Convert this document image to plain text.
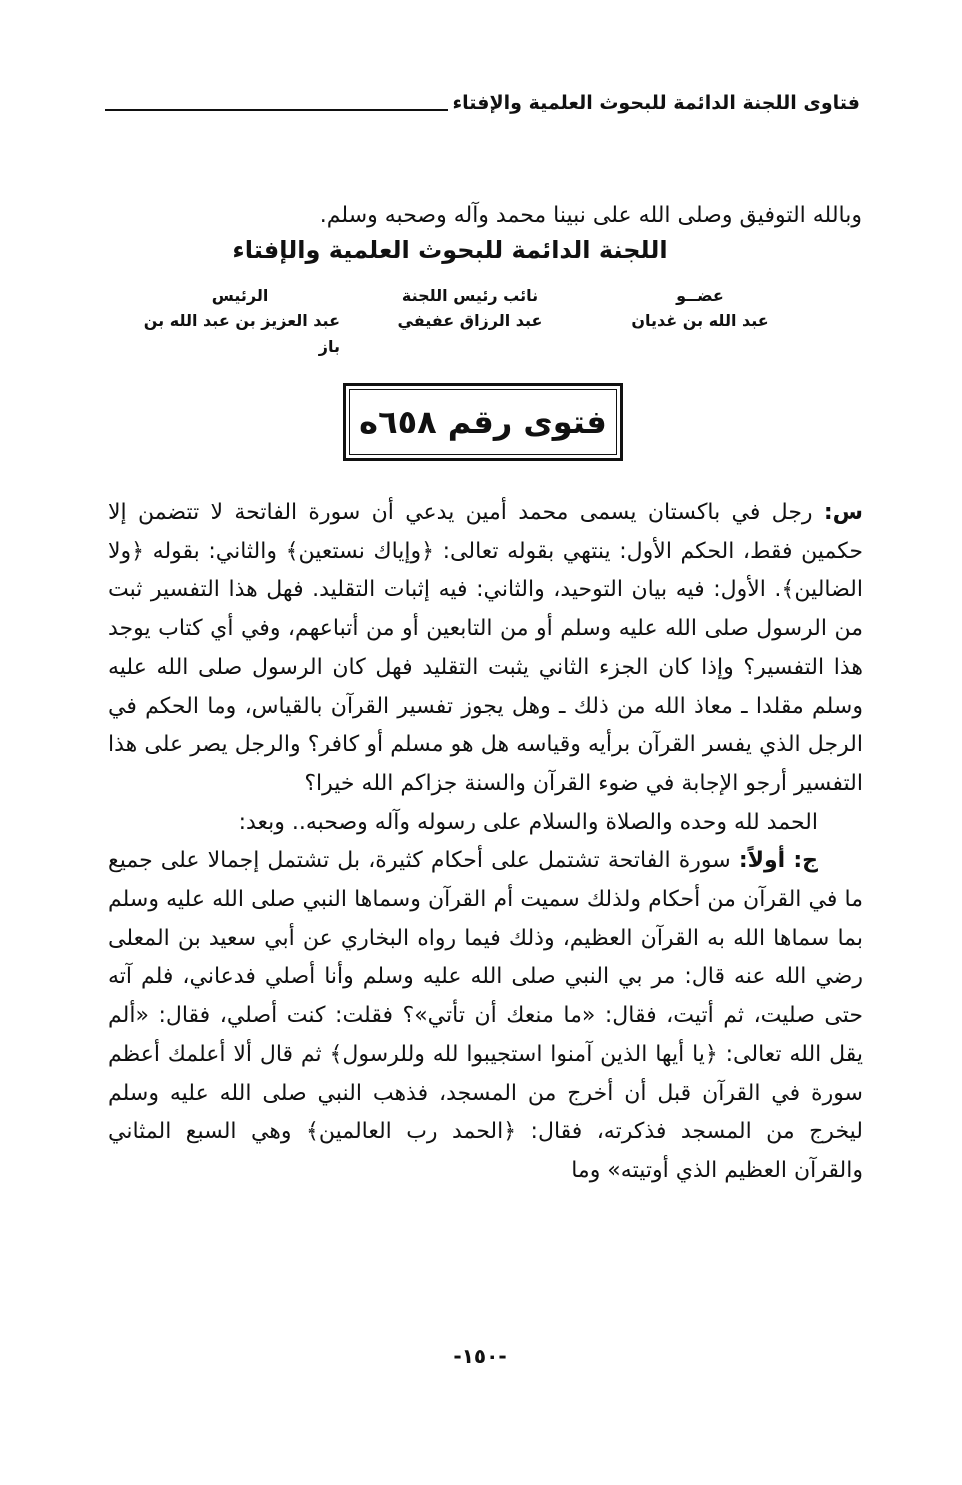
فتاوى اللجنة الدائمة للبحوث العلمية والإفتاء
وبالله التوفيق وصلى الله على نبينا محمد وآله وصحبه وسلم.
اللجنة الدائمة للبحوث العلمية والإفتاء
عضــو
عبد الله بن غديان
نائب رئيس اللجنة
عبد الرزاق عفيفي
الرئيس
عبد العزيز بن عبد الله بن باز
فتوى رقم ٦٥٨ه

س: رجل في باكستان يسمى محمد أمين يدعي أن سورة الفاتحة لا تتضمن إلا حكمين فقط، الحكم الأول: ينتهي بقوله تعالى: ﴿وإياك نستعين﴾ والثاني: بقوله ﴿ولا الضالين﴾. الأول: فيه بيان التوحيد، والثاني: فيه إثبات التقليد. فهل هذا التفسير ثبت من الرسول صلى الله عليه وسلم أو من التابعين أو من أتباعهم، وفي أي كتاب يوجد هذا التفسير؟ وإذا كان الجزء الثاني يثبت التقليد فهل كان الرسول صلى الله عليه وسلم مقلدا ـ معاذ الله من ذلك ـ وهل يجوز تفسير القرآن بالقياس، وما الحكم في الرجل الذي يفسر القرآن برأيه وقياسه هل هو مسلم أو كافر؟ والرجل يصر على هذا التفسير أرجو الإجابة في ضوء القرآن والسنة جزاكم الله خيرا؟

الحمد لله وحده والصلاة والسلام على رسوله وآله وصحبه.. وبعد:

ج: أولاً: سورة الفاتحة تشتمل على أحكام كثيرة، بل تشتمل إجمالا على جميع ما في القرآن من أحكام ولذلك سميت أم القرآن وسماها النبي صلى الله عليه وسلم بما سماها الله به القرآن العظيم، وذلك فيما رواه البخاري عن أبي سعيد بن المعلى رضي الله عنه قال: مر بي النبي صلى الله عليه وسلم وأنا أصلي فدعاني، فلم آته حتى صليت، ثم أتيت، فقال: «ما منعك أن تأتي»؟ فقلت: كنت أصلي، فقال: «ألم يقل الله تعالى: ﴿يا أيها الذين آمنوا استجيبوا لله وللرسول﴾ ثم قال ألا أعلمك أعظم سورة في القرآن قبل أن أخرج من المسجد، فذهب النبي صلى الله عليه وسلم ليخرج من المسجد فذكرته، فقال: ﴿الحمد رب العالمين﴾ وهي السبع المثاني والقرآن العظيم الذي أوتيته» وما

-١٥٠-
